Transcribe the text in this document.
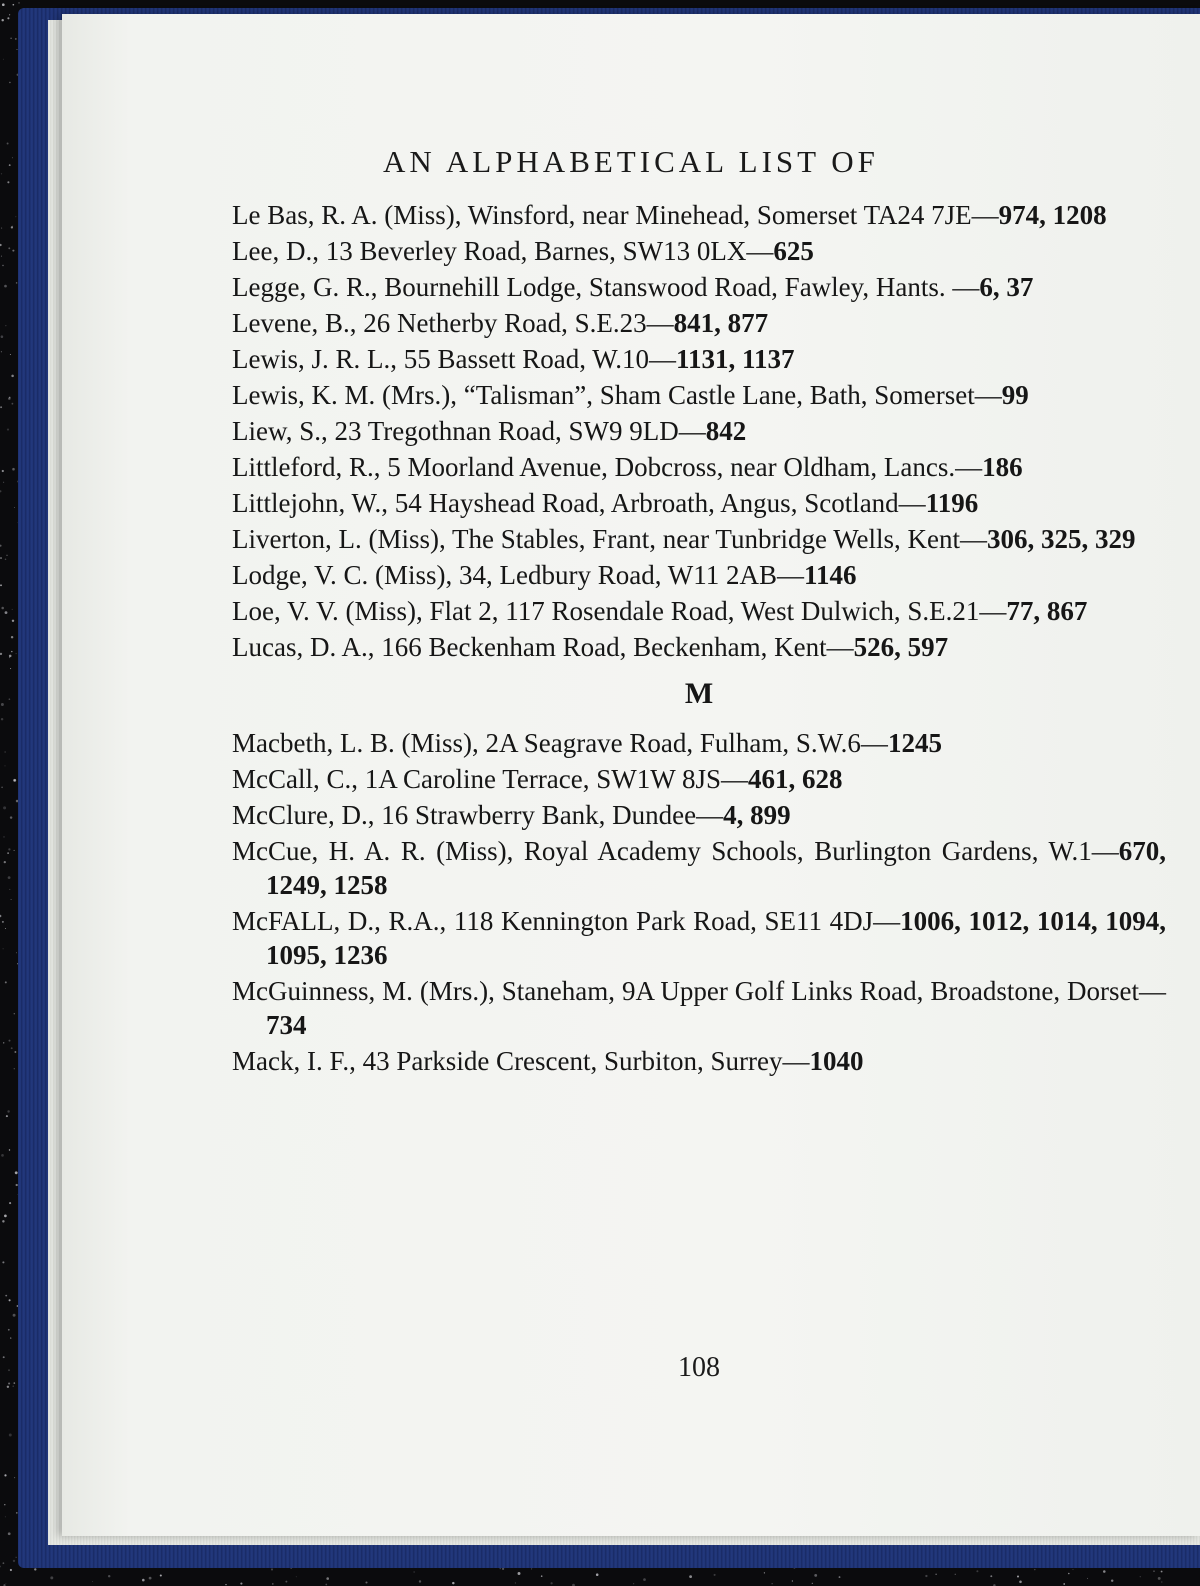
AN ALPHABETICAL LIST OF
Le Bas, R. A. (Miss), Winsford, near Minehead, Somerset TA24 7JE—974, 1208
Lee, D., 13 Beverley Road, Barnes, SW13 0LX—625
Legge, G. R., Bournehill Lodge, Stanswood Road, Fawley, Hants. —6, 37
Levene, B., 26 Netherby Road, S.E.23—841, 877
Lewis, J. R. L., 55 Bassett Road, W.10—1131, 1137
Lewis, K. M. (Mrs.), “Talisman”, Sham Castle Lane, Bath, Somerset—99
Liew, S., 23 Tregothnan Road, SW9 9LD—842
Littleford, R., 5 Moorland Avenue, Dobcross, near Oldham, Lancs.—186
Littlejohn, W., 54 Hayshead Road, Arbroath, Angus, Scotland—1196
Liverton, L. (Miss), The Stables, Frant, near Tunbridge Wells, Kent—306, 325, 329
Lodge, V. C. (Miss), 34, Ledbury Road, W11 2AB—1146
Loe, V. V. (Miss), Flat 2, 117 Rosendale Road, West Dulwich, S.E.21—77, 867
Lucas, D. A., 166 Beckenham Road, Beckenham, Kent—526, 597
M
Macbeth, L. B. (Miss), 2A Seagrave Road, Fulham, S.W.6—1245
McCall, C., 1A Caroline Terrace, SW1W 8JS—461, 628
McClure, D., 16 Strawberry Bank, Dundee—4, 899
McCue, H. A. R. (Miss), Royal Academy Schools, Burlington Gardens, W.1—670, 1249, 1258
McFALL, D., R.A., 118 Kennington Park Road, SE11 4DJ—1006, 1012, 1014, 1094, 1095, 1236
McGuinness, M. (Mrs.), Staneham, 9A Upper Golf Links Road, Broadstone, Dorset—734
Mack, I. F., 43 Parkside Crescent, Surbiton, Surrey—1040
108
